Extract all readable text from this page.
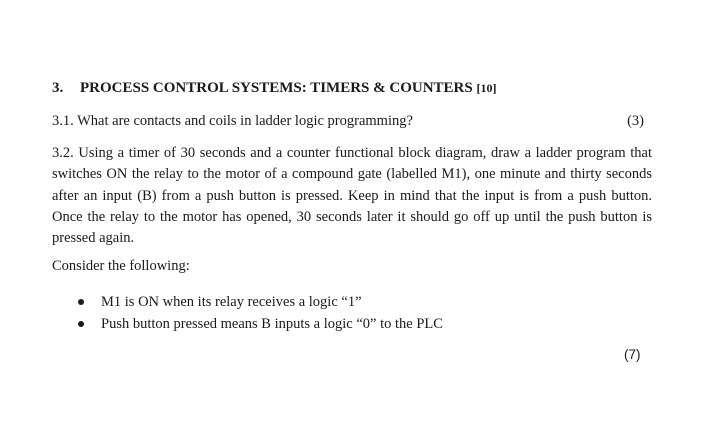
3. PROCESS CONTROL SYSTEMS: TIMERS & COUNTERS [10]
3.1. What are contacts and coils in ladder logic programming?	(3)
3.2. Using a timer of 30 seconds and a counter functional block diagram, draw a ladder program that switches ON the relay to the motor of a compound gate (labelled M1), one minute and thirty seconds after an input (B) from a push button is pressed. Keep in mind that the input is from a push button. Once the relay to the motor has opened, 30 seconds later it should go off up until the push button is pressed again.
Consider the following:
M1 is ON when its relay receives a logic “1”
Push button pressed means B inputs a logic “0” to the PLC
(7)
